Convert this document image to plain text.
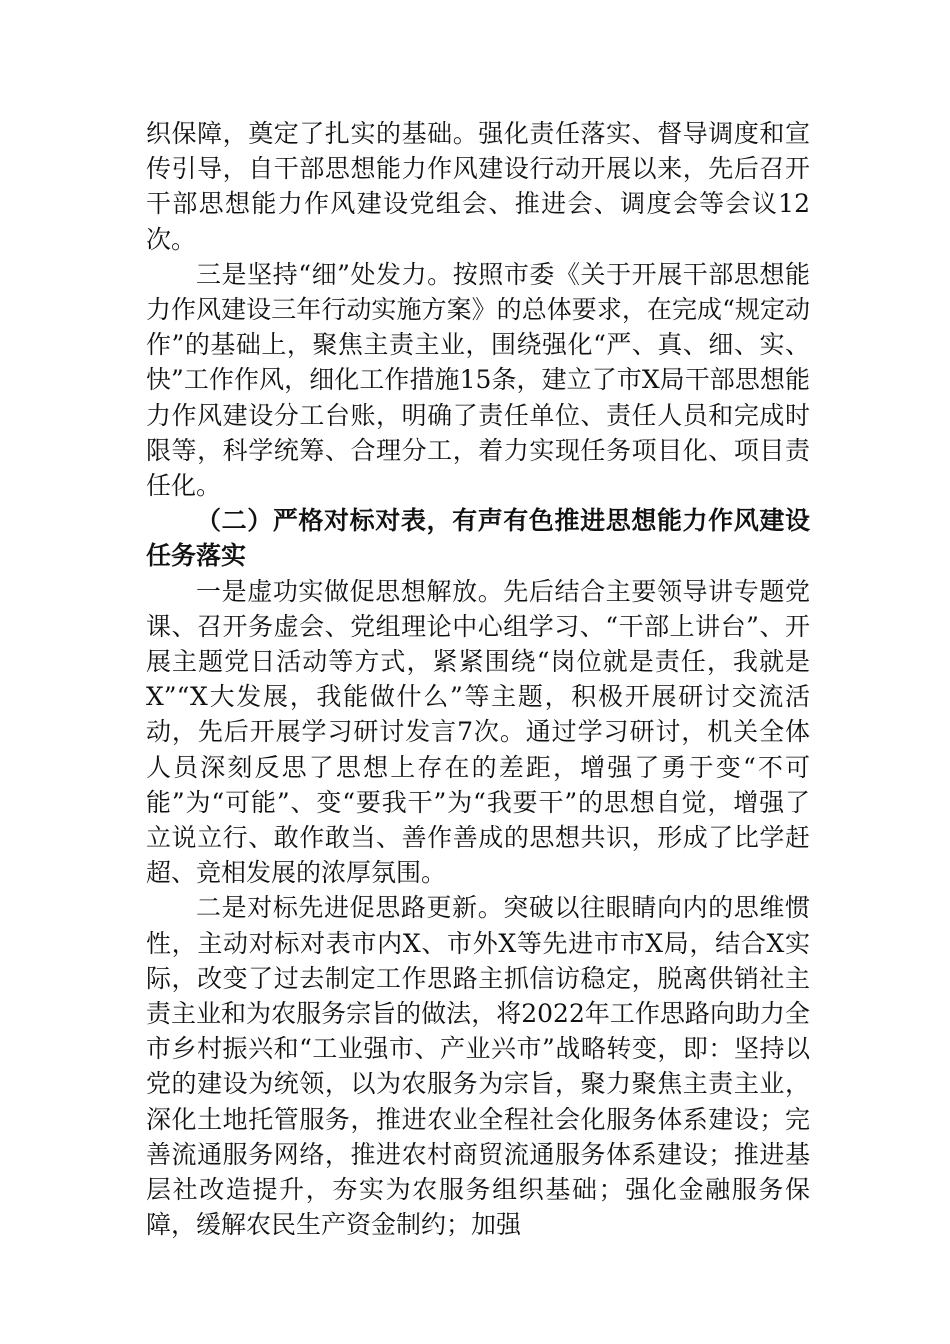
织保障，奠定了扎实的基础。强化责任落实、督导调度和宣传引导，自干部思想能力作风建设行动开展以来，先后召开干部思想能力作风建设党组会、推进会、调度会等会议12次。

三是坚持“细”处发力。按照市委《关于开展干部思想能力作风建设三年行动实施方案》的总体要求，在完成“规定动作”的基础上，聚焦主责主业，围绕强化“严、真、细、实、快”工作作风，细化工作措施15条，建立了市X局干部思想能力作风建设分工台账，明确了责任单位、责任人员和完成时限等，科学统筹、合理分工，着力实现任务项目化、项目责任化。

（二）严格对标对表，有声有色推进思想能力作风建设任务落实

一是虚功实做促思想解放。先后结合主要领导讲专题党课、召开务虚会、党组理论中心组学习、“干部上讲台”、开展主题党日活动等方式，紧紧围绕“岗位就是责任，我就是X”“X大发展，我能做什么”等主题，积极开展研讨交流活动，先后开展学习研讨发言7次。通过学习研讨，机关全体人员深刻反思了思想上存在的差距，增强了勇于变“不可能”为“可能”、变“要我干”为“我要干”的思想自觉，增强了立说立行、敢作敢当、善作善成的思想共识，形成了比学赶超、竞相发展的浓厚氛围。

二是对标先进促思路更新。突破以往眼睛向内的思维惯性，主动对标对表市内X、市外X等先进市市X局，结合X实际，改变了过去制定工作思路主抓信访稳定，脱离供销社主责主业和为农服务宗旨的做法，将2022年工作思路向助力全市乡村振兴和“工业强市、产业兴市”战略转变，即：坚持以党的建设为统领，以为农服务为宗旨，聚力聚焦主责主业，深化土地托管服务，推进农业全程社会化服务体系建设；完善流通服务网络，推进农村商贸流通服务体系建设；推进基层社改造提升，夯实为农服务组织基础；强化金融服务保障，缓解农民生产资金制约；加强
